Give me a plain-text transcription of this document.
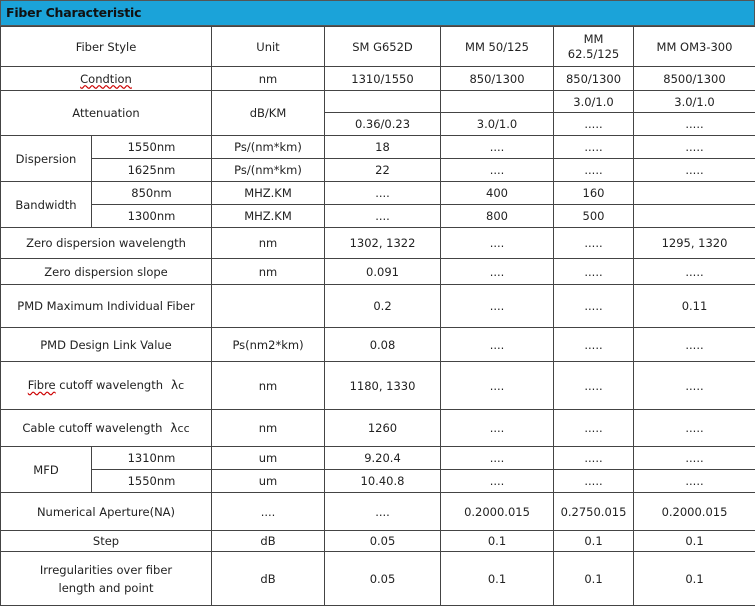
Fiber Characteristic
Fiber Style		Unit	SM G652D	MM 50/125	MM
62.5/125	MM OM3-300
Condtion		nm	1310/1550	850/1300	850/1300	8500/1300
Attenuation		dB/KM			3.0/1.0	3.0/1.0
			0.36/0.23	3.0/1.0	.....	.....
Dispersion	1550nm	Ps/(nm*km)	18	....	.....	.....
	1625nm	Ps/(nm*km)	22	....	.....	.....
Bandwidth	850nm	MHZ.KM	....	400	160	
	1300nm	MHZ.KM	....	800	500	
Zero dispersion wavelength		nm	1302, 1322	....	.....	1295, 1320
Zero dispersion slope		nm	0.091	....	.....	.....
PMD Maximum Individual Fiber			0.2	....	.....	0.11
PMD Design Link Value		Ps(nm2*km)	0.08	....	.....	.....
Fibre cutoff wavelength λc		nm	1180, 1330	....	.....	.....
Cable cutoff wavelength λcc		nm	1260	....	.....	.....
MFD	1310nm	um	9.20.4	....	.....	.....
	1550nm	um	10.40.8	....	.....	.....
Numerical Aperture(NA)		....	....	0.2000.015	0.2750.015	0.2000.015
Step		dB	0.05	0.1	0.1	0.1

Irregularities over fiber
length and point		dB	0.05	0.1	0.1	0.1
